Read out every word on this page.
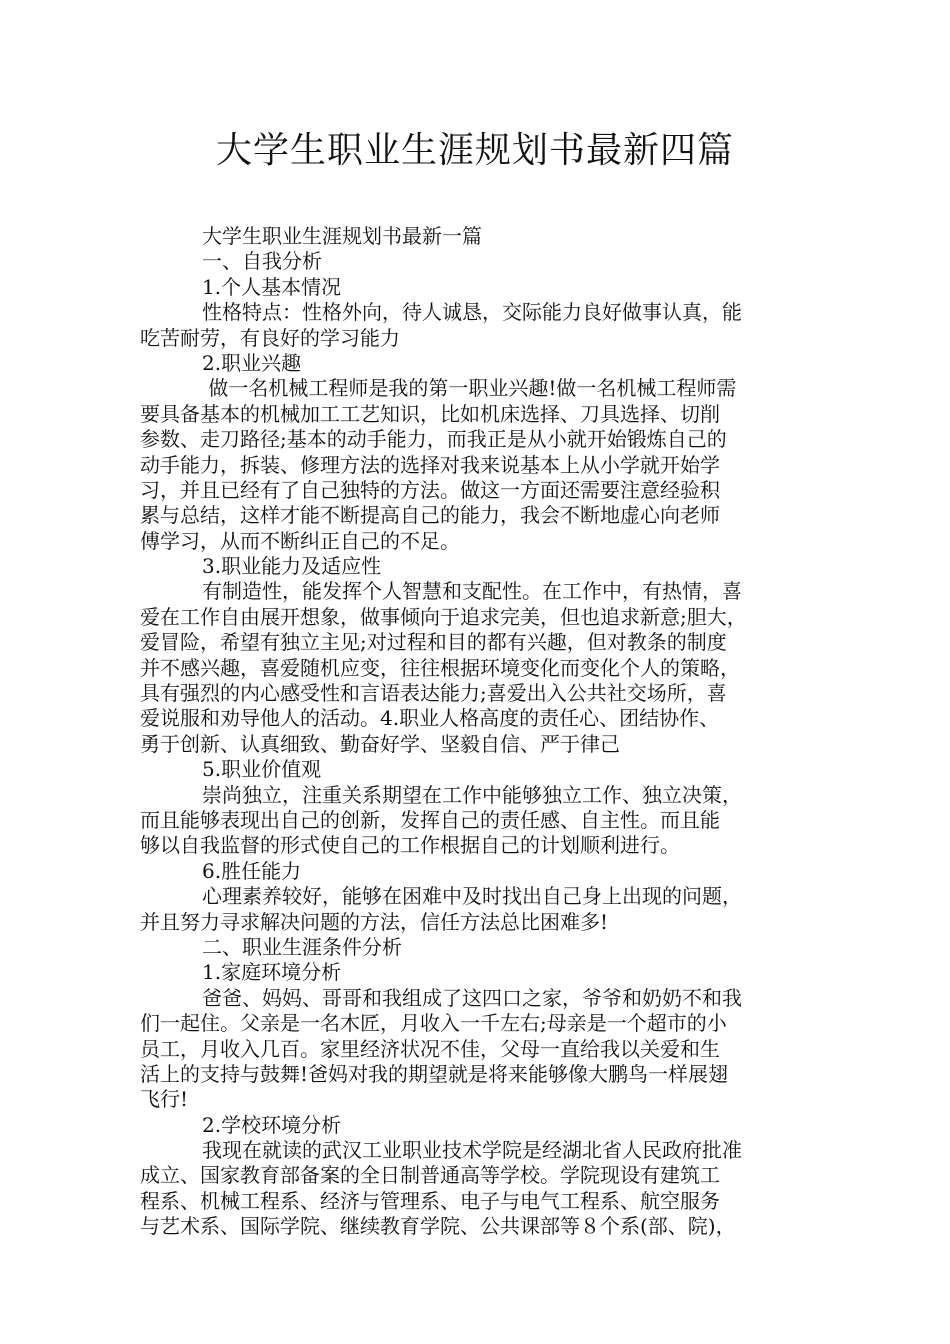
大学生职业生涯规划书最新四篇
大学生职业生涯规划书最新一篇
一、自我分析
1.个人基本情况
性格特点：性格外向，待人诚恳，交际能力良好做事认真，能
吃苦耐劳，有良好的学习能力
2.职业兴趣
做一名机械工程师是我的第一职业兴趣!做一名机械工程师需
要具备基本的机械加工工艺知识，比如机床选择、刀具选择、切削
参数、走刀路径;基本的动手能力，而我正是从小就开始锻炼自己的
动手能力，拆装、修理方法的选择对我来说基本上从小学就开始学
习，并且已经有了自己独特的方法。做这一方面还需要注意经验积
累与总结，这样才能不断提高自己的能力，我会不断地虚心向老师
傅学习，从而不断纠正自己的不足。
3.职业能力及适应性
有制造性，能发挥个人智慧和支配性。在工作中，有热情，喜
爱在工作自由展开想象，做事倾向于追求完美，但也追求新意;胆大，
爱冒险，希望有独立主见;对过程和目的都有兴趣，但对教条的制度
并不感兴趣，喜爱随机应变，往往根据环境变化而变化个人的策略，
具有强烈的内心感受性和言语表达能力;喜爱出入公共社交场所，喜
爱说服和劝导他人的活动。4.职业人格高度的责任心、团结协作、
勇于创新、认真细致、勤奋好学、坚毅自信、严于律己
5.职业价值观
崇尚独立，注重关系期望在工作中能够独立工作、独立决策，
而且能够表现出自己的创新，发挥自己的责任感、自主性。而且能
够以自我监督的形式使自己的工作根据自己的计划顺利进行。
6.胜任能力
心理素养较好，能够在困难中及时找出自己身上出现的问题，
并且努力寻求解决问题的方法，信任方法总比困难多!
二、职业生涯条件分析
1.家庭环境分析
爸爸、妈妈、哥哥和我组成了这四口之家，爷爷和奶奶不和我
们一起住。父亲是一名木匠，月收入一千左右;母亲是一个超市的小
员工，月收入几百。家里经济状况不佳，父母一直给我以关爱和生
活上的支持与鼓舞!爸妈对我的期望就是将来能够像大鹏鸟一样展翅
飞行!
2.学校环境分析
我现在就读的武汉工业职业技术学院是经湖北省人民政府批准
成立、国家教育部备案的全日制普通高等学校。学院现设有建筑工
程系、机械工程系、经济与管理系、电子与电气工程系、航空服务
与艺术系、国际学院、继续教育学院、公共课部等８个系(部、院)，
